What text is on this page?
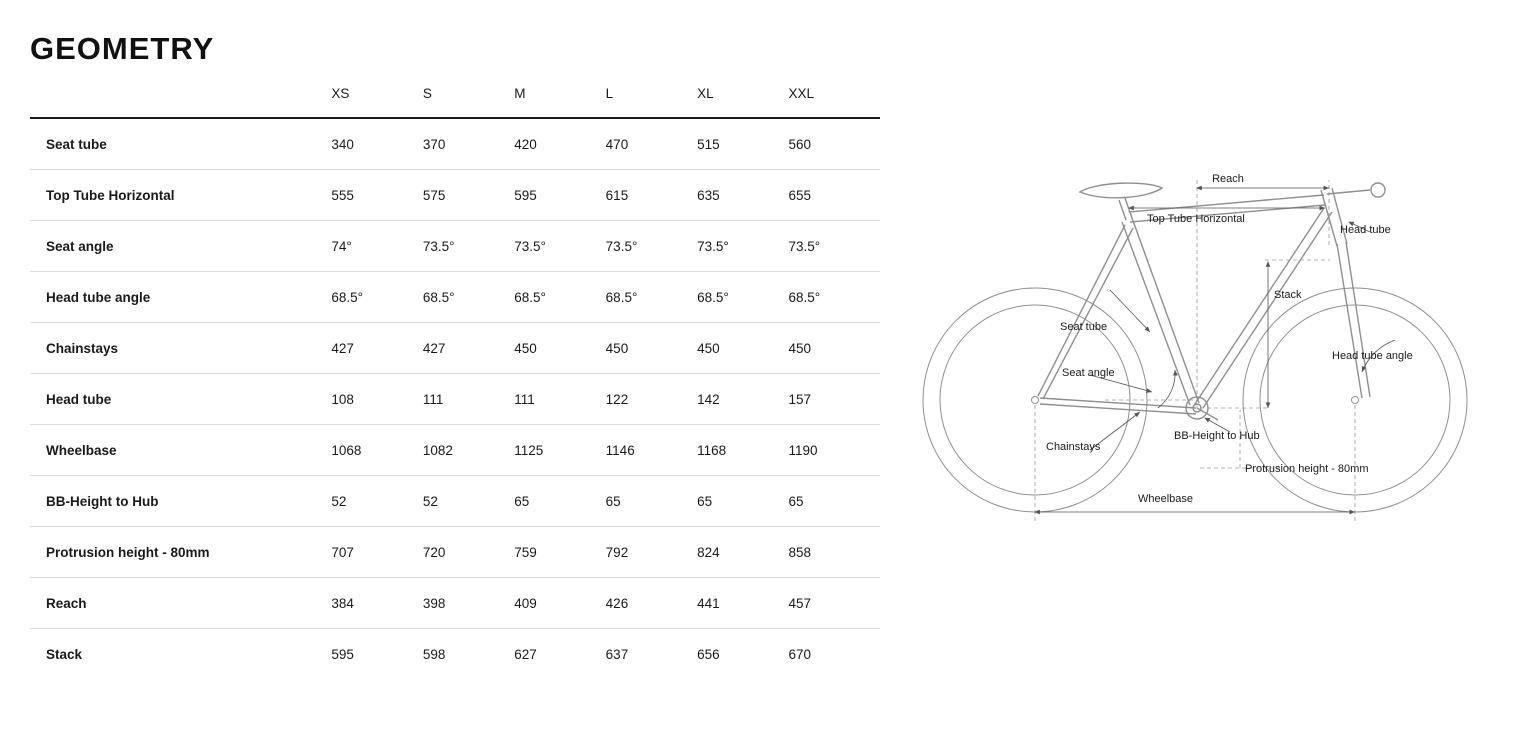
GEOMETRY
	XS	S	M	L	XL	XXL
Seat tube	340	370	420	470	515	560
Top Tube Horizontal	555	575	595	615	635	655
Seat angle	74°	73.5°	73.5°	73.5°	73.5°	73.5°
Head tube angle	68.5°	68.5°	68.5°	68.5°	68.5°	68.5°
Chainstays	427	427	450	450	450	450
Head tube	108	111	111	122	142	157
Wheelbase	1068	1082	1125	1146	1168	1190
BB-Height to Hub	52	52	65	65	65	65
Protrusion height - 80mm	707	720	759	792	824	858
Reach	384	398	409	426	441	457
Stack	595	598	627	637	656	670
Reach
Top Tube Horizontal
Head tube
Stack
Seat tube
Seat angle
Head tube angle
BB-Height to Hub
Chainstays
Protrusion height - 80mm
Wheelbase
